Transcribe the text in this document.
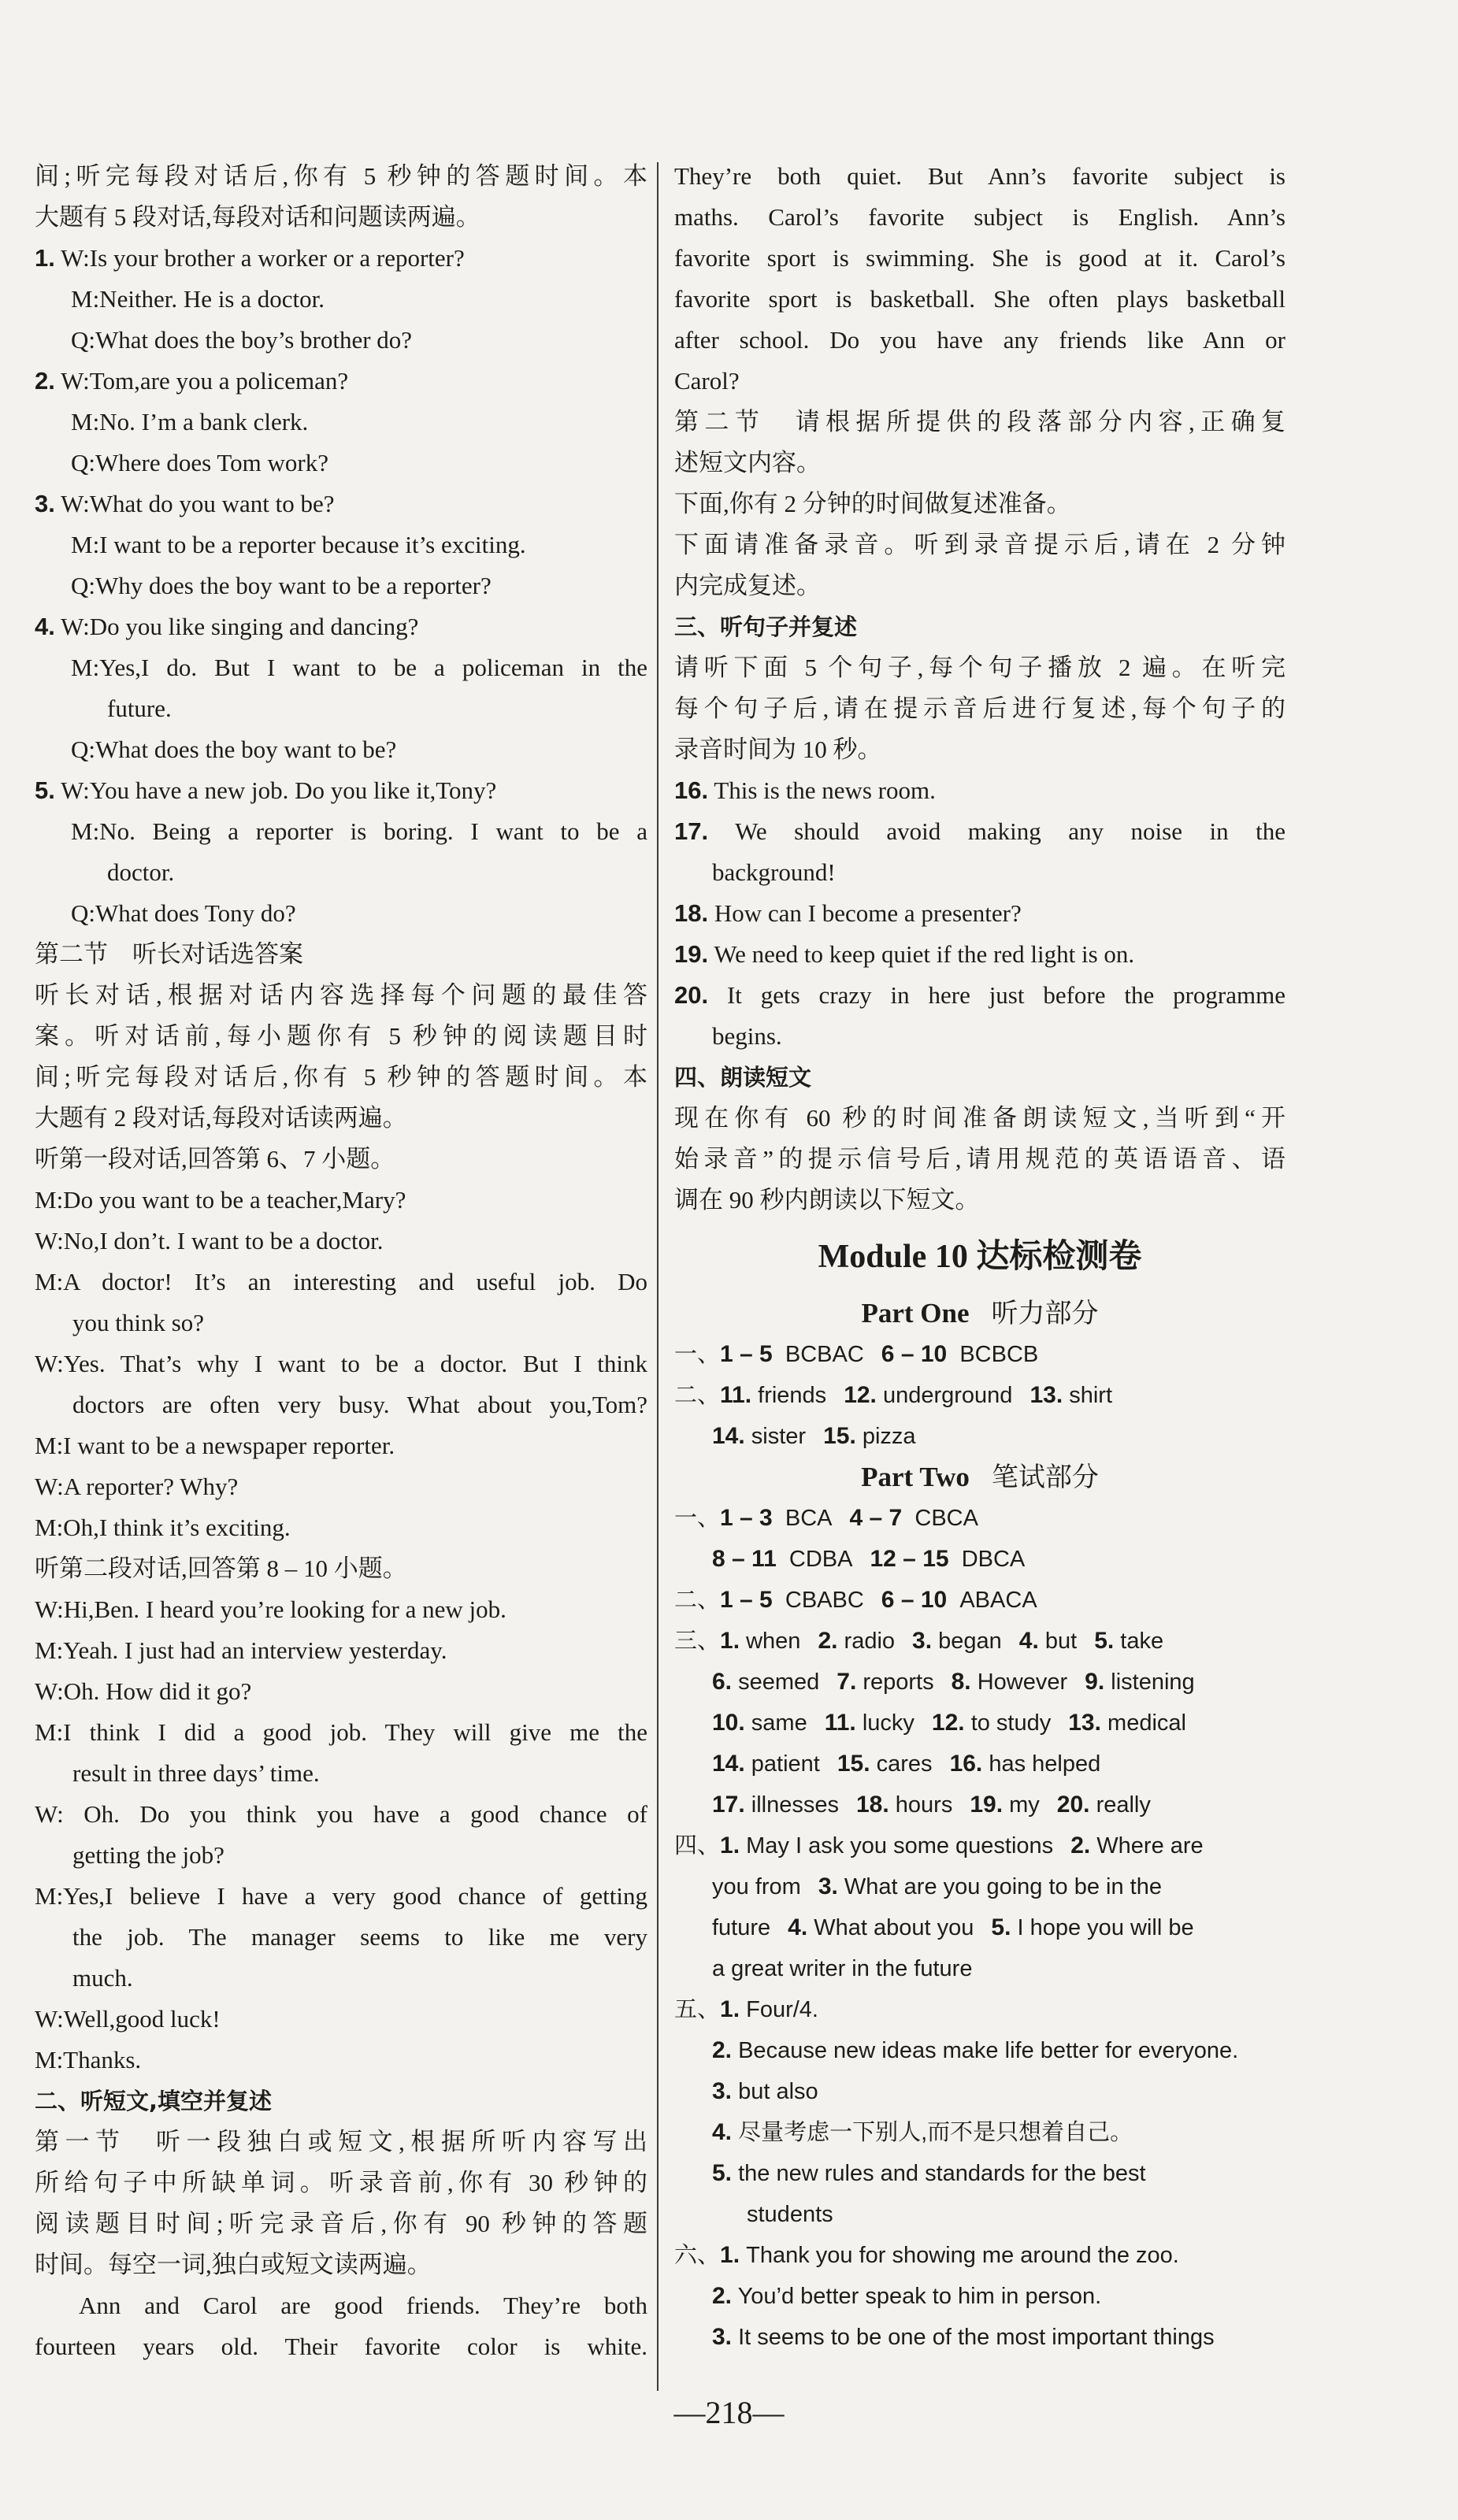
间;听完每段对话后,你有 5 秒钟的答题时间。本
大题有 5 段对话,每段对话和问题读两遍。
1. W:Is your brother a worker or a reporter?
M:Neither. He is a doctor.
Q:What does the boy’s brother do?
2. W:Tom,are you a policeman?
M:No. I’m a bank clerk.
Q:Where does Tom work?
3. W:What do you want to be?
M:I want to be a reporter because it’s exciting.
Q:Why does the boy want to be a reporter?
4. W:Do you like singing and dancing?
M:Yes,I do. But I want to be a policeman in the
future.
Q:What does the boy want to be?
5. W:You have a new job. Do you like it,Tony?
M:No. Being a reporter is boring. I want to be a
doctor.
Q:What does Tony do?
第二节　听长对话选答案
听长对话,根据对话内容选择每个问题的最佳答
案。听对话前,每小题你有 5 秒钟的阅读题目时
间;听完每段对话后,你有 5 秒钟的答题时间。本
大题有 2 段对话,每段对话读两遍。
听第一段对话,回答第 6、7 小题。
M:Do you want to be a teacher,Mary?
W:No,I don’t. I want to be a doctor.
M:A doctor! It’s an interesting and useful job. Do
you think so?
W:Yes. That’s why I want to be a doctor. But I think
doctors are often very busy. What about you,Tom?
M:I want to be a newspaper reporter.
W:A reporter? Why?
M:Oh,I think it’s exciting.
听第二段对话,回答第 8 – 10 小题。
W:Hi,Ben. I heard you’re looking for a new job.
M:Yeah. I just had an interview yesterday.
W:Oh. How did it go?
M:I think I did a good job. They will give me the
result in three days’ time.
W: Oh. Do you think you have a good chance of
getting the job?
M:Yes,I believe I have a very good chance of getting
the job. The manager seems to like me very
much.
W:Well,good luck!
M:Thanks.
二、听短文,填空并复述
第一节　听一段独白或短文,根据所听内容写出
所给句子中所缺单词。听录音前,你有 30 秒钟的
阅读题目时间;听完录音后,你有 90 秒钟的答题
时间。每空一词,独白或短文读两遍。
Ann and Carol are good friends. They’re both
fourteen years old. Their favorite color is white.
They’re both quiet. But Ann’s favorite subject is
maths. Carol’s favorite subject is English. Ann’s
favorite sport is swimming. She is good at it. Carol’s
favorite sport is basketball. She often plays basketball
after school. Do you have any friends like Ann or
Carol?
第二节　请根据所提供的段落部分内容,正确复
述短文内容。
下面,你有 2 分钟的时间做复述准备。
下面请准备录音。听到录音提示后,请在 2 分钟
内完成复述。
三、听句子并复述
请听下面 5 个句子,每个句子播放 2 遍。在听完
每个句子后,请在提示音后进行复述,每个句子的
录音时间为 10 秒。
16. This is the news room.
17. We should avoid making any noise in the
background!
18. How can I become a presenter?
19. We need to keep quiet if the red light is on.
20. It gets crazy in here just before the programme
begins.
四、朗读短文
现在你有 60 秒的时间准备朗读短文,当听到“开
始录音”的提示信号后,请用规范的英语语音、语
调在 90 秒内朗读以下短文。
Module 10 达标检测卷
Part One 听力部分
一、1 – 5 BCBAC 6 – 10 BCBCB
二、11. friends 12. underground 13. shirt
14. sister 15. pizza
Part Two 笔试部分
一、1 – 3 BCA 4 – 7 CBCA
8 – 11 CDBA 12 – 15 DBCA
二、1 – 5 CBABC 6 – 10 ABACA
三、1. when 2. radio 3. began 4. but 5. take
6. seemed 7. reports 8. However 9. listening
10. same 11. lucky 12. to study 13. medical
14. patient 15. cares 16. has helped
17. illnesses 18. hours 19. my 20. really
四、1. May I ask you some questions 2. Where are
you from 3. What are you going to be in the
future 4. What about you 5. I hope you will be
a great writer in the future
五、1. Four/4.
2. Because new ideas make life better for everyone.
3. but also
4. 尽量考虑一下别人,而不是只想着自己。
5. the new rules and standards for the best
students
六、1. Thank you for showing me around the zoo.
2. You’d better speak to him in person.
3. It seems to be one of the most important things
—218—
